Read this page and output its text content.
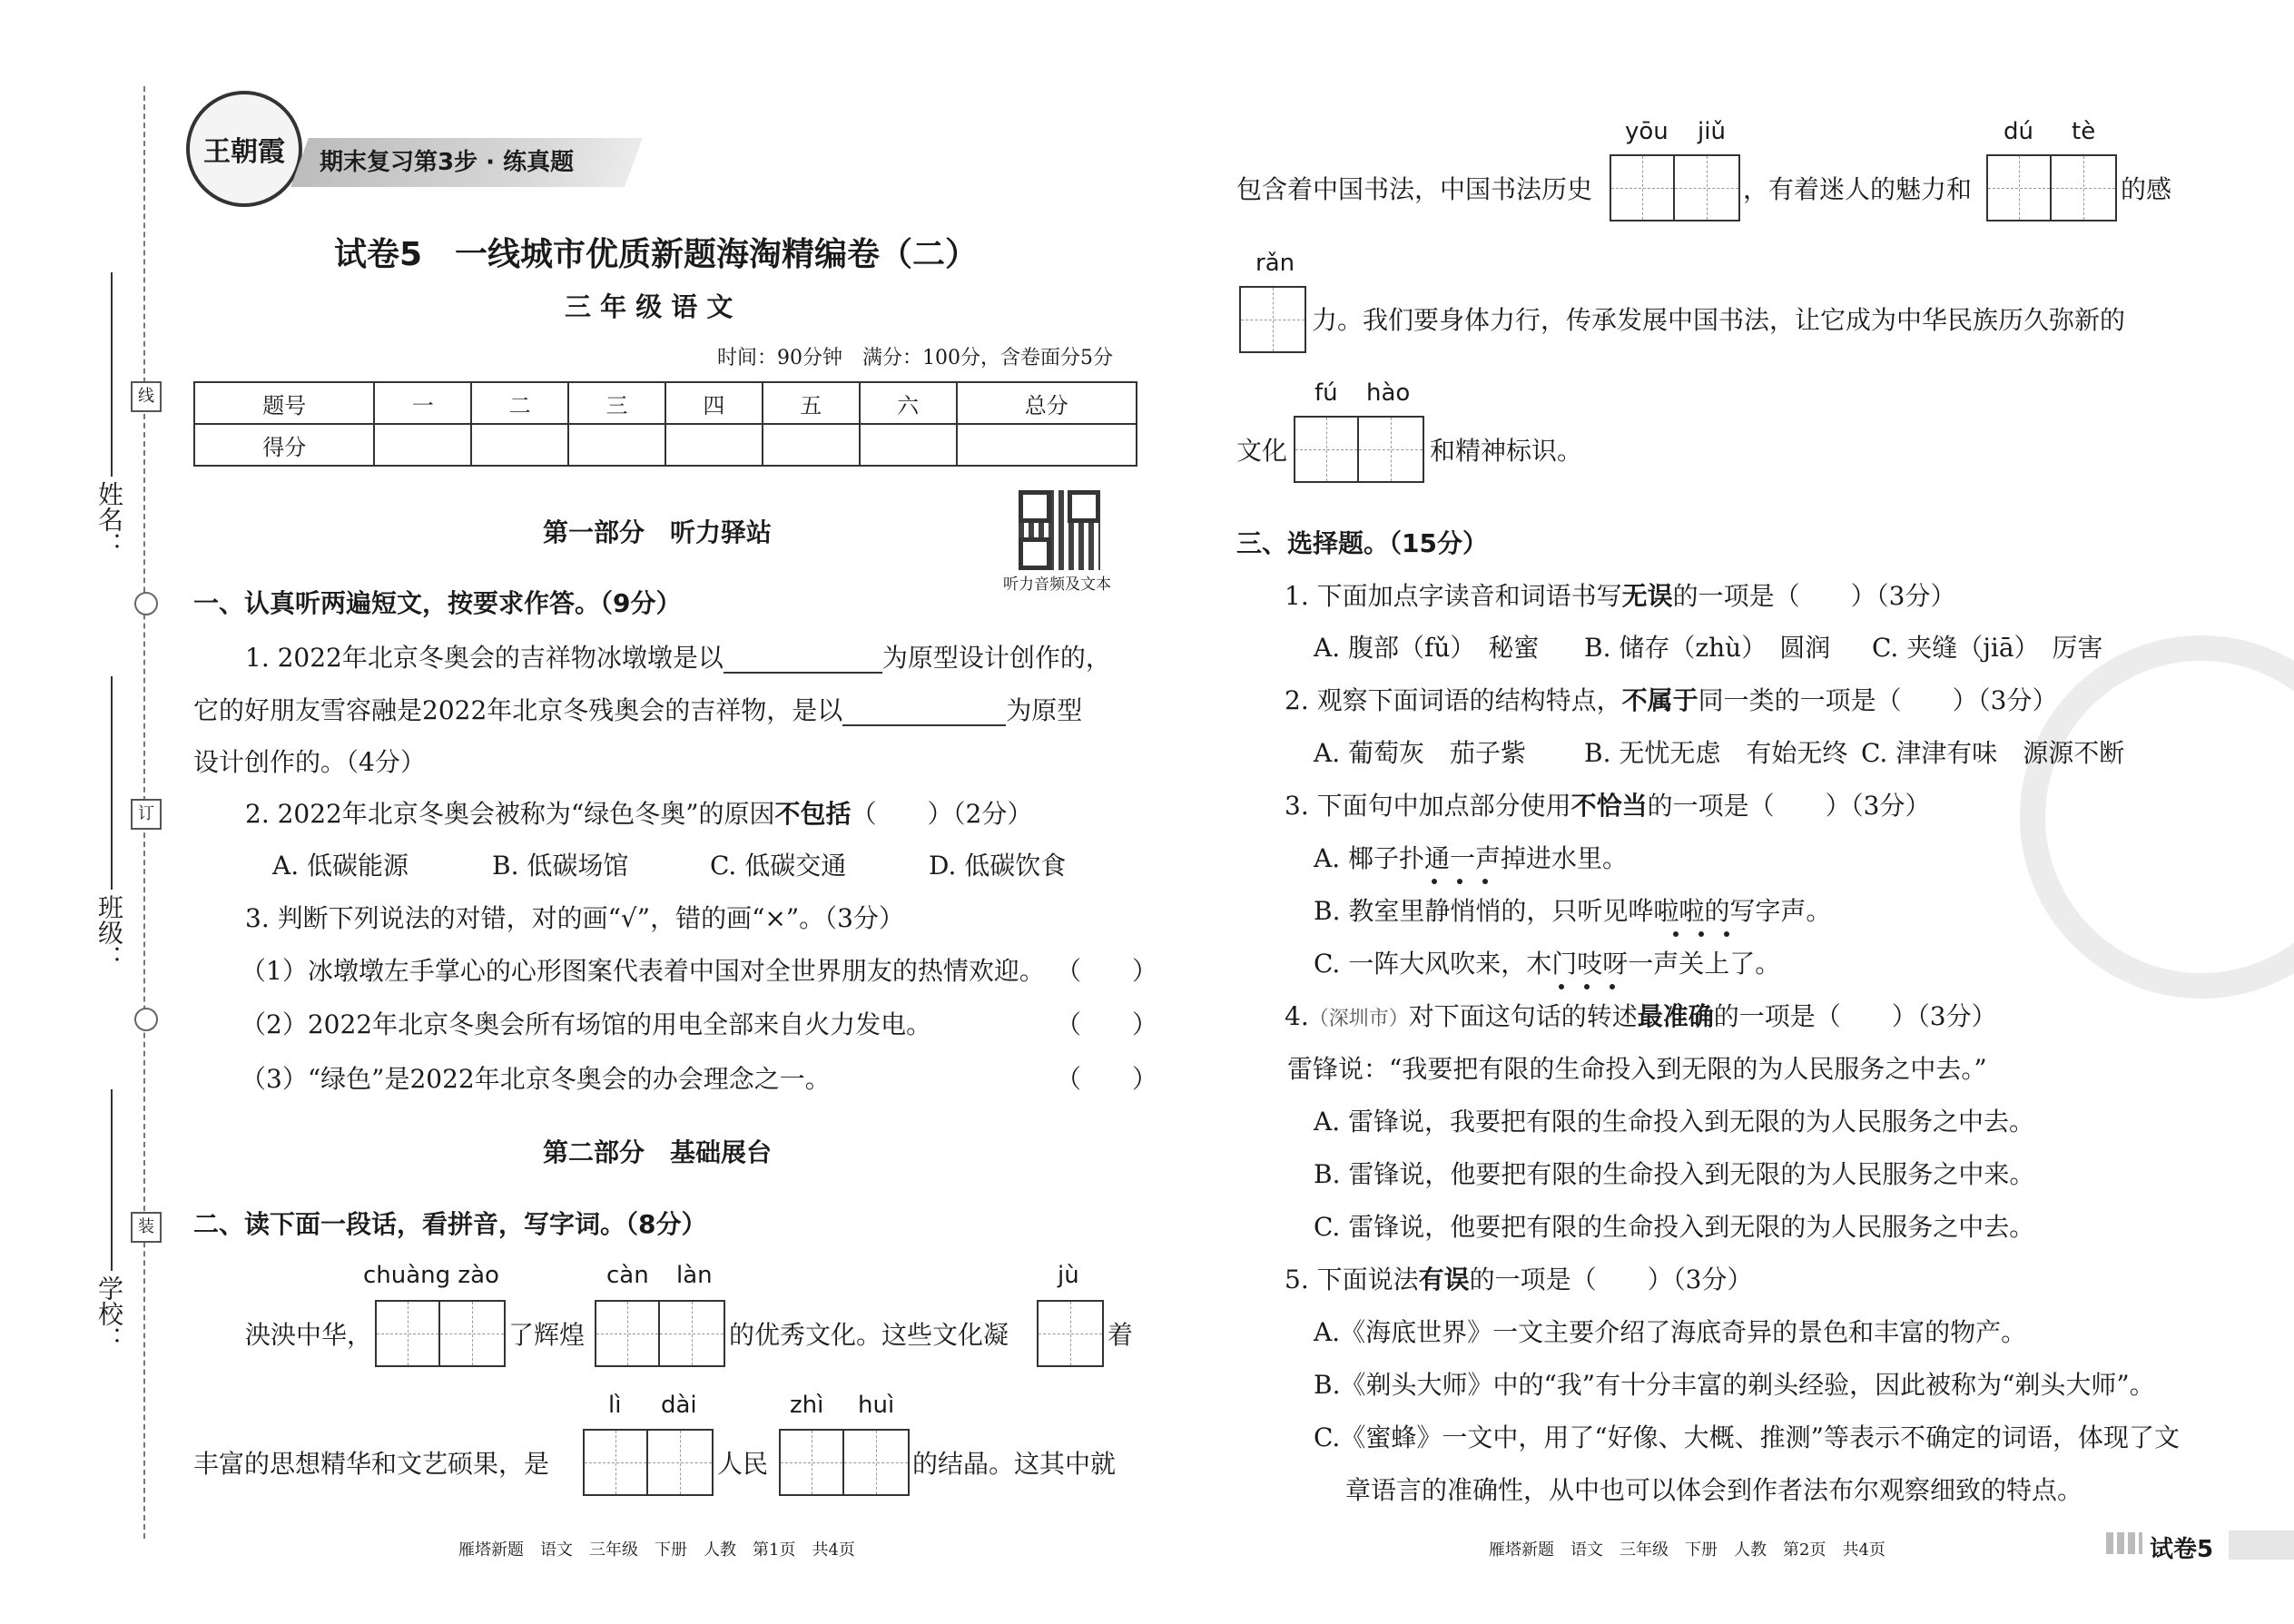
线
订
装
姓名：
班级：
学校：
王朝霞	期末复习第3步 · 练真题
试卷5　一线城市优质新题海淘精编卷（二）
三 年 级 语 文
时间：90分钟　满分：100分，含卷面分5分
题号	一	二	三	四	五	六	总分
得分							
听力音频及文本
第一部分　听力驿站
一、认真听两遍短文，按要求作答。（9分）
1. 2022年北京冬奥会的吉祥物冰墩墩是以	为原型设计创作的，
它的好朋友雪容融是2022年北京冬残奥会的吉祥物，是以	为原型
设计创作的。（4分）
2. 2022年北京冬奥会被称为“绿色冬奥”的原因不包括（　　）（2分）
A. 低碳能源	B. 低碳场馆	C. 低碳交通	D. 低碳饮食
3. 判断下列说法的对错，对的画“√”，错的画“×”。（3分）
（1）冰墩墩左手掌心的心形图案代表着中国对全世界朋友的热情欢迎。 （　　）
（2）2022年北京冬奥会所有场馆的用电全部来自火力发电。	（　　）
（3）“绿色”是2022年北京冬奥会的办会理念之一。	（　　）
第二部分　基础展台
二、读下面一段话，看拼音，写字词。（8分）
chuàng zào	càn làn	jù
泱泱中华，	了辉煌	的优秀文化。这些文化凝	着
lì dài	zhì huì
丰富的思想精华和文艺硕果，是	人民	的结晶。这其中就
yōu jiǔ	dú tè
包含着中国书法，中国书法历史	，有着迷人的魅力和	的感
rǎn
力。我们要身体力行，传承发展中国书法，让它成为中华民族历久弥新的
fú hào
文化	和精神标识。
三、选择题。（15分）
1. 下面加点字读音和词语书写无误的一项是（　　）（3分）
A. 腹部（fǔ）　秘蜜 B. 储存（zhù）　圆润 C. 夹缝（jiā）　厉害
2. 观察下面词语的结构特点，不属于同一类的一项是（　　）（3分）
A. 葡萄灰　茄子紫 B. 无忧无虑　有始无终 C. 津津有味　源源不断
3. 下面句中加点部分使用不恰当的一项是（　　）（3分）
A. 椰子扑通一声掉进水里。
B. 教室里静悄悄的，只听见哗啦啦的写字声。
C. 一阵大风吹来，木门吱呀一声关上了。
4.（深圳市）对下面这句话的转述最准确的一项是（　　）（3分）
雷锋说：“我要把有限的生命投入到无限的为人民服务之中去。”
A. 雷锋说，我要把有限的生命投入到无限的为人民服务之中去。
B. 雷锋说，他要把有限的生命投入到无限的为人民服务之中来。
C. 雷锋说，他要把有限的生命投入到无限的为人民服务之中去。
5. 下面说法有误的一项是（　　）（3分）
A.《海底世界》一文主要介绍了海底奇异的景色和丰富的物产。
B.《剃头大师》中的“我”有十分丰富的剃头经验，因此被称为“剃头大师”。
C.《蜜蜂》一文中，用了“好像、大概、推测”等表示不确定的词语，体现了文
章语言的准确性，从中也可以体会到作者法布尔观察细致的特点。
雁塔新题　语文　三年级　下册　人教　第1页　共4页	雁塔新题　语文　三年级　下册　人教　第2页　共4页	试卷5
